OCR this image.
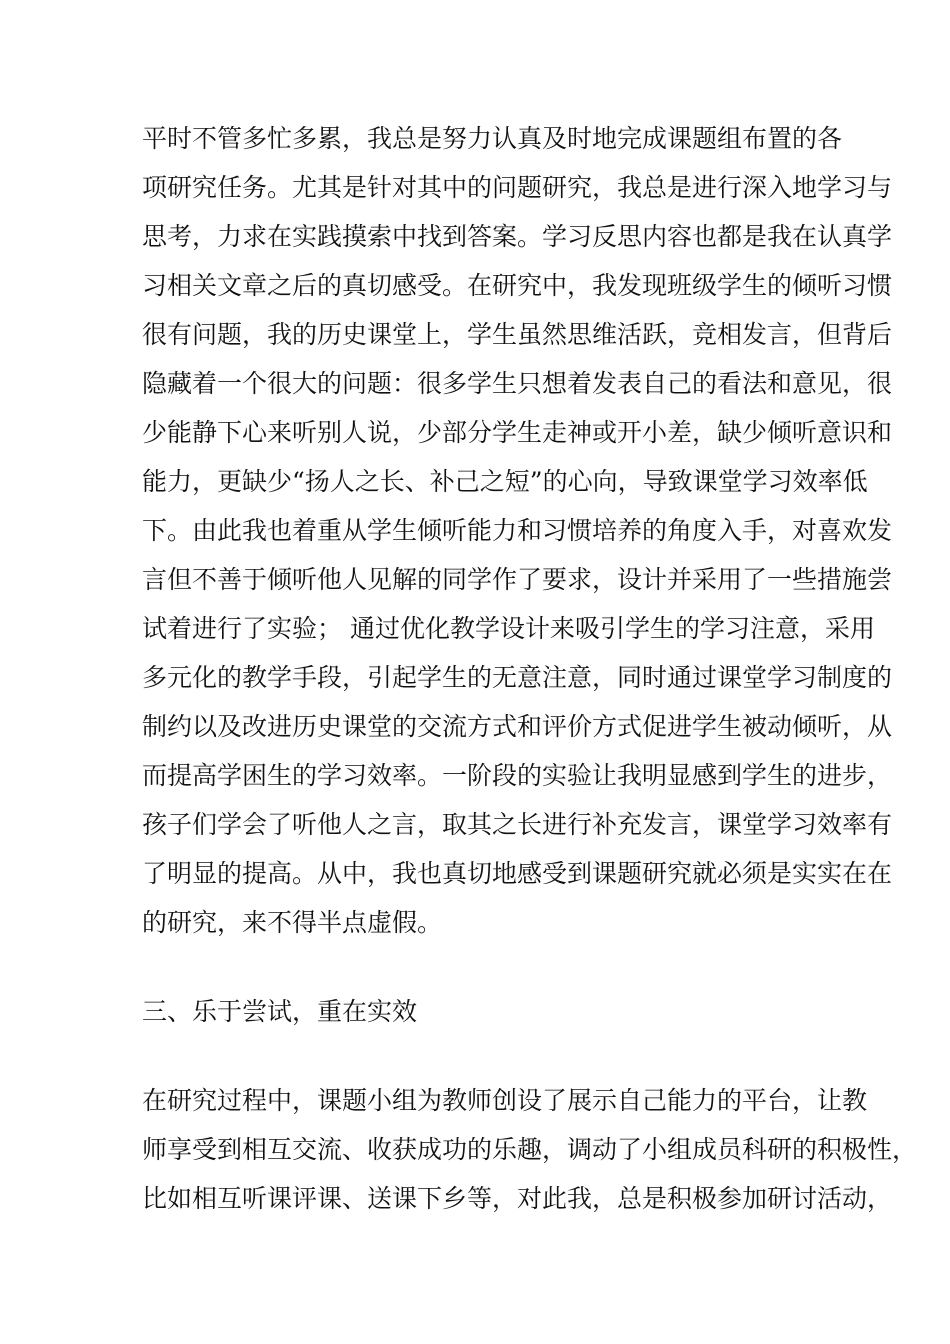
平时不管多忙多累，我总是努力认真及时地完成课题组布置的各
项研究任务。尤其是针对其中的问题研究，我总是进行深入地学习与
思考，力求在实践摸索中找到答案。学习反思内容也都是我在认真学
习相关文章之后的真切感受。在研究中，我发现班级学生的倾听习惯
很有问题，我的历史课堂上，学生虽然思维活跃，竞相发言，但背后
隐藏着一个很大的问题：很多学生只想着发表自己的看法和意见，很
少能静下心来听别人说，少部分学生走神或开小差，缺少倾听意识和
能力，更缺少“扬人之长、补己之短”的心向，导致课堂学习效率低
下。由此我也着重从学生倾听能力和习惯培养的角度入手，对喜欢发
言但不善于倾听他人见解的同学作了要求，设计并采用了一些措施尝
试着进行了实验； 通过优化教学设计来吸引学生的学习注意，采用
多元化的教学手段，引起学生的无意注意，同时通过课堂学习制度的
制约以及改进历史课堂的交流方式和评价方式促进学生被动倾听，从
而提高学困生的学习效率。一阶段的实验让我明显感到学生的进步，
孩子们学会了听他人之言，取其之长进行补充发言，课堂学习效率有
了明显的提高。从中，我也真切地感受到课题研究就必须是实实在在
的研究，来不得半点虚假。
三、乐于尝试，重在实效
在研究过程中，课题小组为教师创设了展示自己能力的平台，让教
师享受到相互交流、收获成功的乐趣，调动了小组成员科研的积极性，
比如相互听课评课、送课下乡等，对此我，总是积极参加研讨活动，
